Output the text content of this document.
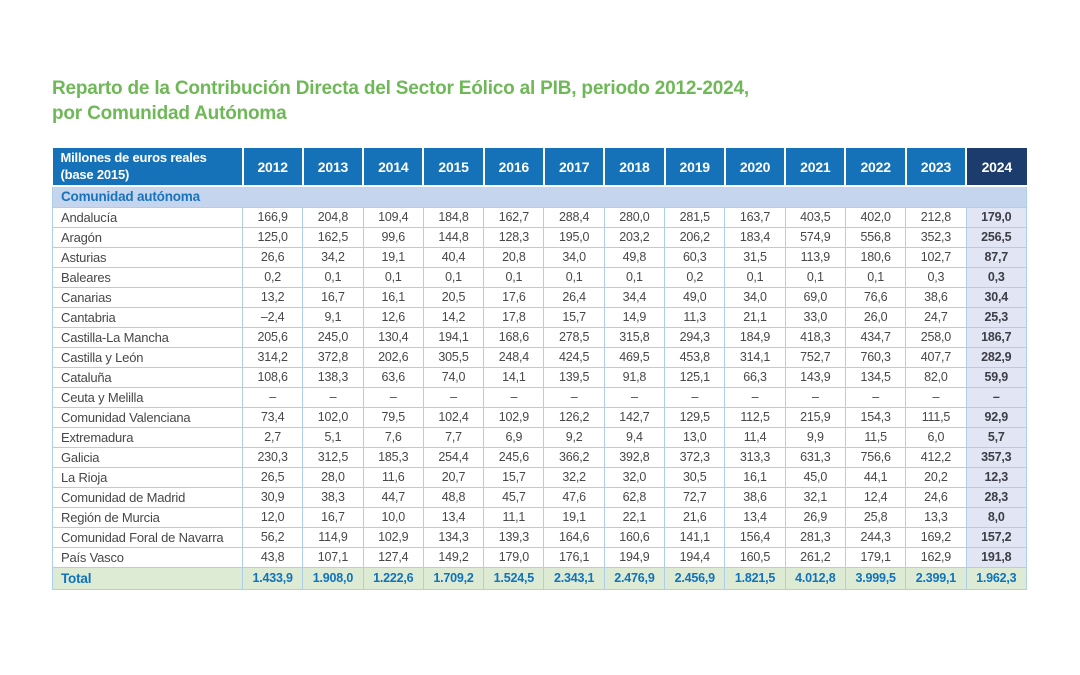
Reparto de la Contribución Directa del Sector Eólico al PIB, periodo 2012-2024,
por Comunidad Autónoma
Millones de euros reales (base 2015)	2012	2013	2014	2015	2016	2017	2018	2019	2020	2021	2022	2023	2024
Comunidad autónoma													
Andalucía	166,9	204,8	109,4	184,8	162,7	288,4	280,0	281,5	163,7	403,5	402,0	212,8	179,0
Aragón	125,0	162,5	99,6	144,8	128,3	195,0	203,2	206,2	183,4	574,9	556,8	352,3	256,5
Asturias	26,6	34,2	19,1	40,4	20,8	34,0	49,8	60,3	31,5	113,9	180,6	102,7	87,7
Baleares	0,2	0,1	0,1	0,1	0,1	0,1	0,1	0,2	0,1	0,1	0,1	0,3	0,3
Canarias	13,2	16,7	16,1	20,5	17,6	26,4	34,4	49,0	34,0	69,0	76,6	38,6	30,4
Cantabria	–2,4	9,1	12,6	14,2	17,8	15,7	14,9	11,3	21,1	33,0	26,0	24,7	25,3
Castilla-La Mancha	205,6	245,0	130,4	194,1	168,6	278,5	315,8	294,3	184,9	418,3	434,7	258,0	186,7
Castilla y León	314,2	372,8	202,6	305,5	248,4	424,5	469,5	453,8	314,1	752,7	760,3	407,7	282,9
Cataluña	108,6	138,3	63,6	74,0	14,1	139,5	91,8	125,1	66,3	143,9	134,5	82,0	59,9
Ceuta y Melilla	–	–	–	–	–	–	–	–	–	–	–	–	–
Comunidad Valenciana	73,4	102,0	79,5	102,4	102,9	126,2	142,7	129,5	112,5	215,9	154,3	111,5	92,9
Extremadura	2,7	5,1	7,6	7,7	6,9	9,2	9,4	13,0	11,4	9,9	11,5	6,0	5,7
Galicia	230,3	312,5	185,3	254,4	245,6	366,2	392,8	372,3	313,3	631,3	756,6	412,2	357,3
La Rioja	26,5	28,0	11,6	20,7	15,7	32,2	32,0	30,5	16,1	45,0	44,1	20,2	12,3
Comunidad de Madrid	30,9	38,3	44,7	48,8	45,7	47,6	62,8	72,7	38,6	32,1	12,4	24,6	28,3
Región de Murcia	12,0	16,7	10,0	13,4	11,1	19,1	22,1	21,6	13,4	26,9	25,8	13,3	8,0
Comunidad Foral de Navarra	56,2	114,9	102,9	134,3	139,3	164,6	160,6	141,1	156,4	281,3	244,3	169,2	157,2
País Vasco	43,8	107,1	127,4	149,2	179,0	176,1	194,9	194,4	160,5	261,2	179,1	162,9	191,8
Total	1.433,9	1.908,0	1.222,6	1.709,2	1.524,5	2.343,1	2.476,9	2.456,9	1.821,5	4.012,8	3.999,5	2.399,1	1.962,3
